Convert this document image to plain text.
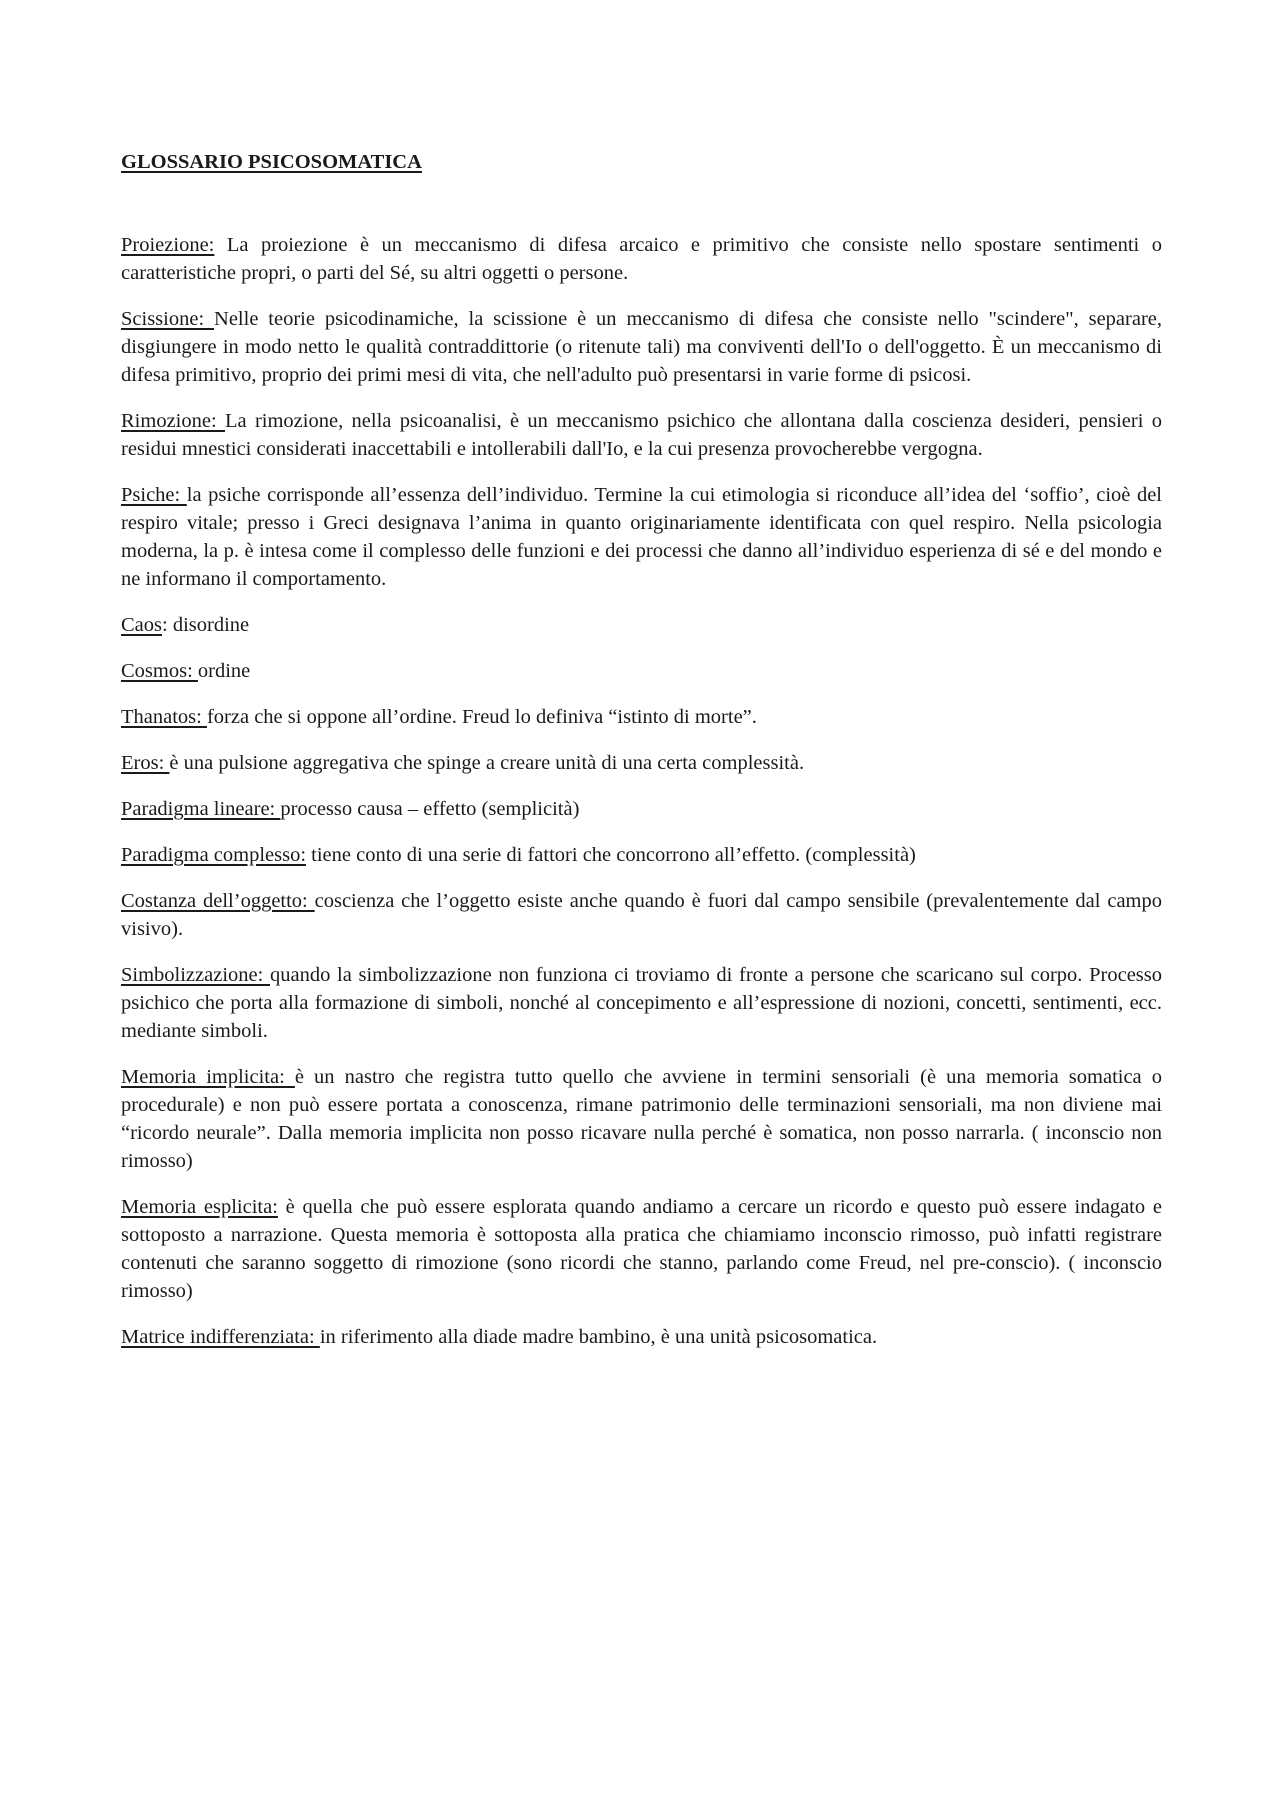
GLOSSARIO PSICOSOMATICA

Proiezione: La proiezione è un meccanismo di difesa arcaico e primitivo che consiste nello spostare sentimenti o caratteristiche propri, o parti del Sé, su altri oggetti o persone.

Scissione: Nelle teorie psicodinamiche, la scissione è un meccanismo di difesa che consiste nello "scindere", separare, disgiungere in modo netto le qualità contraddittorie (o ritenute tali) ma conviventi dell'Io o dell'oggetto. È un meccanismo di difesa primitivo, proprio dei primi mesi di vita, che nell'adulto può presentarsi in varie forme di psicosi.

Rimozione: La rimozione, nella psicoanalisi, è un meccanismo psichico che allontana dalla coscienza desideri, pensieri o residui mnestici considerati inaccettabili e intollerabili dall'Io, e la cui presenza provocherebbe vergogna.

Psiche: la psiche corrisponde all’essenza dell’individuo. Termine la cui etimologia si riconduce all’idea del ‘soffio’, cioè del respiro vitale; presso i Greci designava l’anima in quanto originariamente identificata con quel respiro. Nella psicologia moderna, la p. è intesa come il complesso delle funzioni e dei processi che danno all’individuo esperienza di sé e del mondo e ne informano il comportamento.

Caos: disordine

Cosmos: ordine

Thanatos: forza che si oppone all’ordine. Freud lo definiva “istinto di morte”.

Eros: è una pulsione aggregativa che spinge a creare unità di una certa complessità.

Paradigma lineare: processo causa – effetto (semplicità)

Paradigma complesso: tiene conto di una serie di fattori che concorrono all’effetto. (complessità)

Costanza dell’oggetto: coscienza che l’oggetto esiste anche quando è fuori dal campo sensibile (prevalentemente dal campo visivo).

Simbolizzazione: quando la simbolizzazione non funziona ci troviamo di fronte a persone che scaricano sul corpo. Processo psichico che porta alla formazione di simboli, nonché al concepimento e all’espressione di nozioni, concetti, sentimenti, ecc. mediante simboli.

Memoria implicita: è un nastro che registra tutto quello che avviene in termini sensoriali (è una memoria somatica o procedurale) e non può essere portata a conoscenza, rimane patrimonio delle terminazioni sensoriali, ma non diviene mai “ricordo neurale”. Dalla memoria implicita non posso ricavare nulla perché è somatica, non posso narrarla. ( inconscio non rimosso)

Memoria esplicita: è quella che può essere esplorata quando andiamo a cercare un ricordo e questo può essere indagato e sottoposto a narrazione. Questa memoria è sottoposta alla pratica che chiamiamo inconscio rimosso, può infatti registrare contenuti che saranno soggetto di rimozione (sono ricordi che stanno, parlando come Freud, nel pre-conscio). ( inconscio rimosso)

Matrice indifferenziata: in riferimento alla diade madre bambino, è una unità psicosomatica.
